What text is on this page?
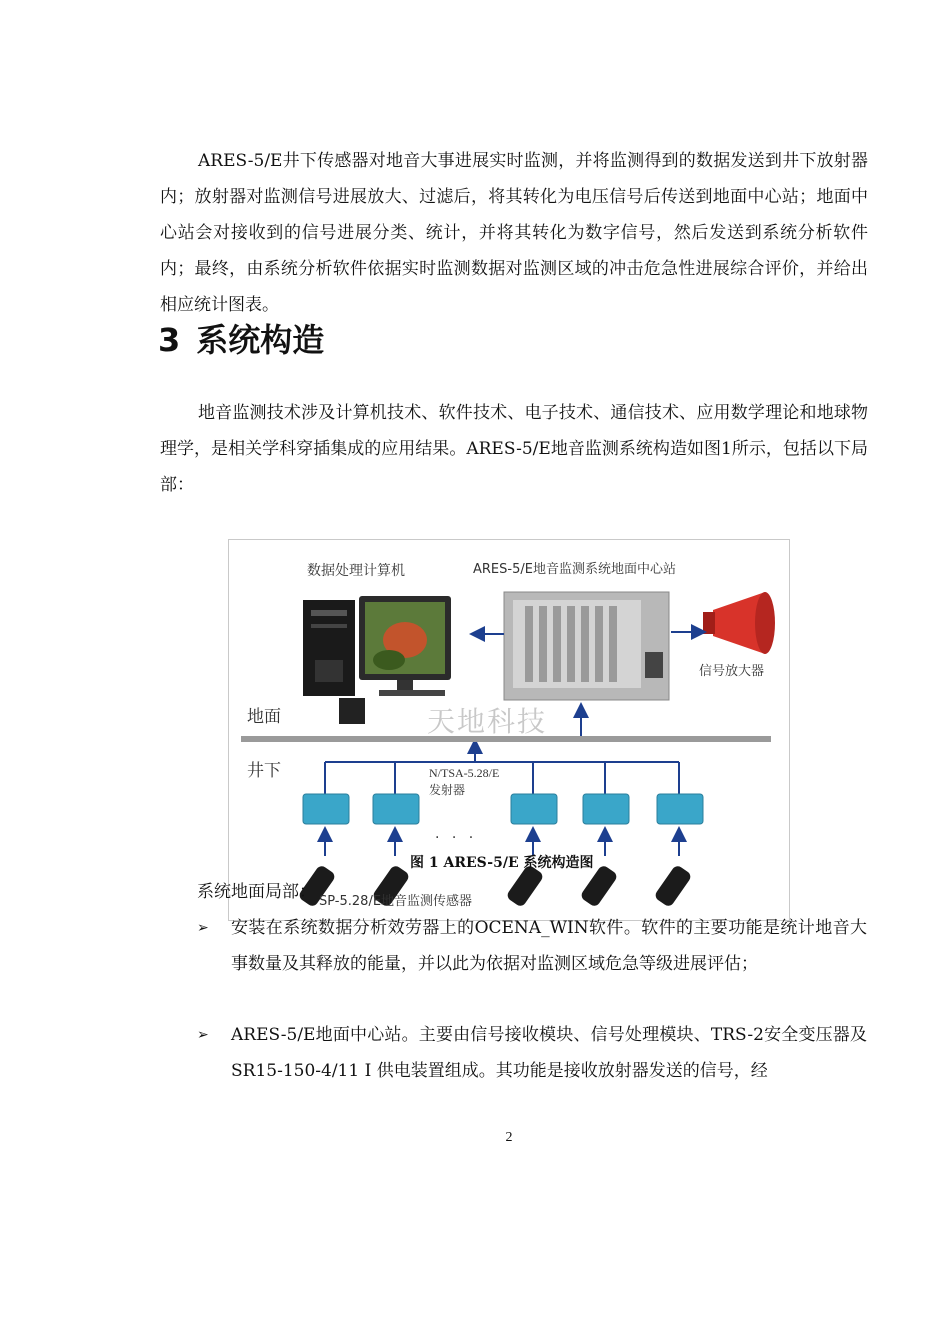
ARES-5/E井下传感器对地音大事进展实时监测，并将监测得到的数据发送到井下放射器内；放射器对监测信号进展放大、过滤后，将其转化为电压信号后传送到地面中心站；地面中心站会对接收到的信号进展分类、统计，并将其转化为数字信号，然后发送到系统分析软件内；最终，由系统分析软件依据实时监测数据对监测区域的冲击危急性进展综合评价，并给出相应统计图表。

3 系统构造

地音监测技术涉及计算机技术、软件技术、电子技术、通信技术、应用数学理论和地球物理学，是相关学科穿插集成的应用结果。ARES-5/E地音监测系统构造如图1所示，包括以下局部：

数据处理计算机	ARES-5/E地音监测系统地面中心站
信号放大器
地面	天地科技
井下	N/TSA-5.28/E
发射器
· · ·
SP-5.28/E地音监测传感器
图 1 ARES-5/E 系统构造图
系统地面局部：
➢ 安装在系统数据分析效劳器上的OCENA_WIN软件。软件的主要功能是统计地音大事数量及其释放的能量，并以此为依据对监测区域危急等级进展评估；
➢ ARES-5/E地面中心站。主要由信号接收模块、信号处理模块、TRS-2安全变压器及SR15-150-4/11 I 供电装置组成。其功能是接收放射器发送的信号，经
2
